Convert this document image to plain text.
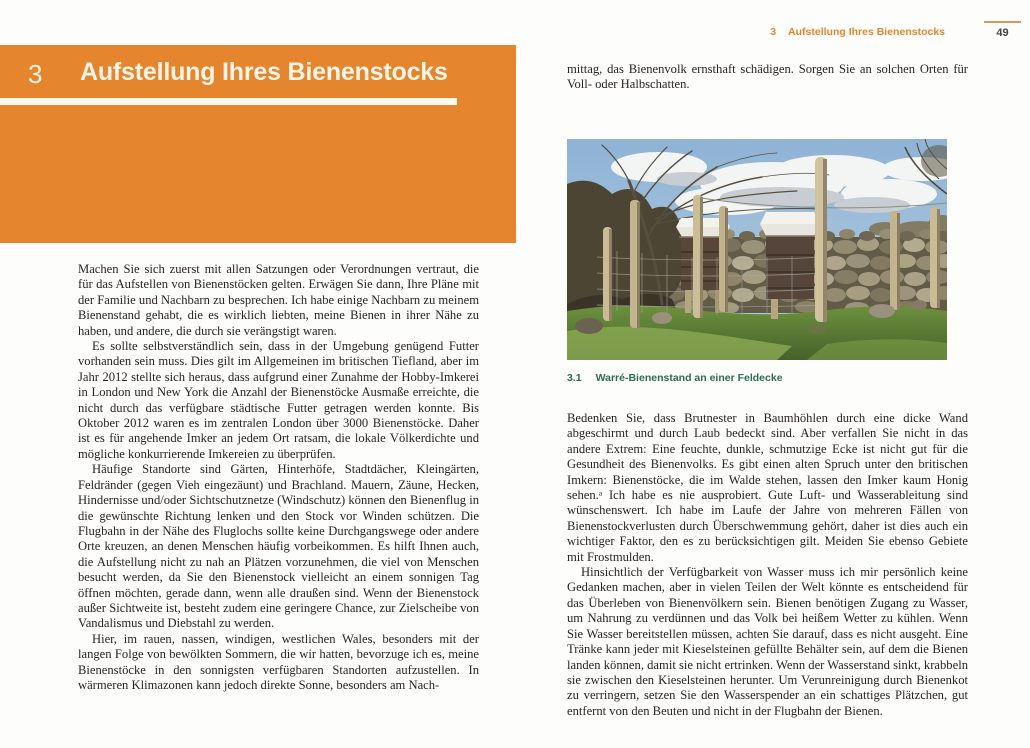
3 Aufstellung Ihres Bienenstocks

Machen Sie sich zuerst mit allen Satzungen oder Verordnungen vertraut, die für das Aufstellen von Bienenstöcken gelten. Erwägen Sie dann, Ihre Pläne mit der Familie und Nachbarn zu besprechen. Ich habe einige Nachbarn zu meinem Bienenstand gehabt, die es wirklich liebten, meine Bienen in ihrer Nähe zu haben, und andere, die durch sie verängstigt waren.

Es sollte selbstverständlich sein, dass in der Umgebung genügend Futter vorhanden sein muss. Dies gilt im Allgemeinen im britischen Tiefland, aber im Jahr 2012 stellte sich heraus, dass aufgrund einer Zunahme der Hobby-Imkerei in London und New York die Anzahl der Bienenstöcke Ausmaße erreichte, die nicht durch das verfügbare städtische Futter getragen werden konnte. Bis Oktober 2012 waren es im zentralen London über 3000 Bienenstöcke. Daher ist es für angehende Imker an jedem Ort ratsam, die lokale Völkerdichte und mögliche konkurrierende Imkereien zu überprüfen.

Häufige Standorte sind Gärten, Hinterhöfe, Stadtdächer, Kleingärten, Feldränder (gegen Vieh eingezäunt) und Brachland. Mauern, Zäune, Hecken, Hindernisse und/oder Sichtschutznetze (Windschutz) können den Bienenflug in die gewünschte Richtung lenken und den Stock vor Winden schützen. Die Flugbahn in der Nähe des Fluglochs sollte keine Durchgangswege oder andere Orte kreuzen, an denen Menschen häufig vorbeikommen. Es hilft Ihnen auch, die Aufstellung nicht zu nah an Plätzen vorzunehmen, die viel von Menschen besucht werden, da Sie den Bienenstock vielleicht an einem sonnigen Tag öffnen möchten, gerade dann, wenn alle draußen sind. Wenn der Bienenstock außer Sichtweite ist, besteht zudem eine geringere Chance, zur Zielscheibe von Vandalismus und Diebstahl zu werden.

Hier, im rauen, nassen, windigen, westlichen Wales, besonders mit der langen Folge von bewölkten Sommern, die wir hatten, bevorzuge ich es, meine Bienenstöcke in den sonnigsten verfügbaren Standorten aufzustellen. In wärmeren Klimazonen kann jedoch direkte Sonne, besonders am Nach-

3 Aufstellung Ihres Bienenstocks	49

mittag, das Bienenvolk ernsthaft schädigen. Sorgen Sie an solchen Orten für Voll- oder Halbschatten.

3.1 Warré-Bienenstand an einer Feldecke

Bedenken Sie, dass Brutnester in Baumhöhlen durch eine dicke Wand abgeschirmt und durch Laub bedeckt sind. Aber verfallen Sie nicht in das andere Extrem: Eine feuchte, dunkle, schmutzige Ecke ist nicht gut für die Gesundheit des Bienenvolks. Es gibt einen alten Spruch unter den britischen Imkern: Bienenstöcke, die im Walde stehen, lassen den Imker kaum Honig sehen.ᵃ Ich habe es nie ausprobiert. Gute Luft- und Wasserableitung sind wünschenswert. Ich habe im Laufe der Jahre von mehreren Fällen von Bienenstockverlusten durch Überschwemmung gehört, daher ist dies auch ein wichtiger Faktor, den es zu berücksichtigen gilt. Meiden Sie ebenso Gebiete mit Frostmulden.

Hinsichtlich der Verfügbarkeit von Wasser muss ich mir persönlich keine Gedanken machen, aber in vielen Teilen der Welt könnte es entscheidend für das Überleben von Bienenvölkern sein. Bienen benötigen Zugang zu Wasser, um Nahrung zu verdünnen und das Volk bei heißem Wetter zu kühlen. Wenn Sie Wasser bereitstellen müssen, achten Sie darauf, dass es nicht ausgeht. Eine Tränke kann jeder mit Kieselsteinen gefüllte Behälter sein, auf dem die Bienen landen können, damit sie nicht ertrinken. Wenn der Wasserstand sinkt, krabbeln sie zwischen den Kieselsteinen herunter. Um Verunreinigung durch Bienenkot zu verringern, setzen Sie den Wasserspender an ein schattiges Plätzchen, gut entfernt von den Beuten und nicht in der Flugbahn der Bienen.
